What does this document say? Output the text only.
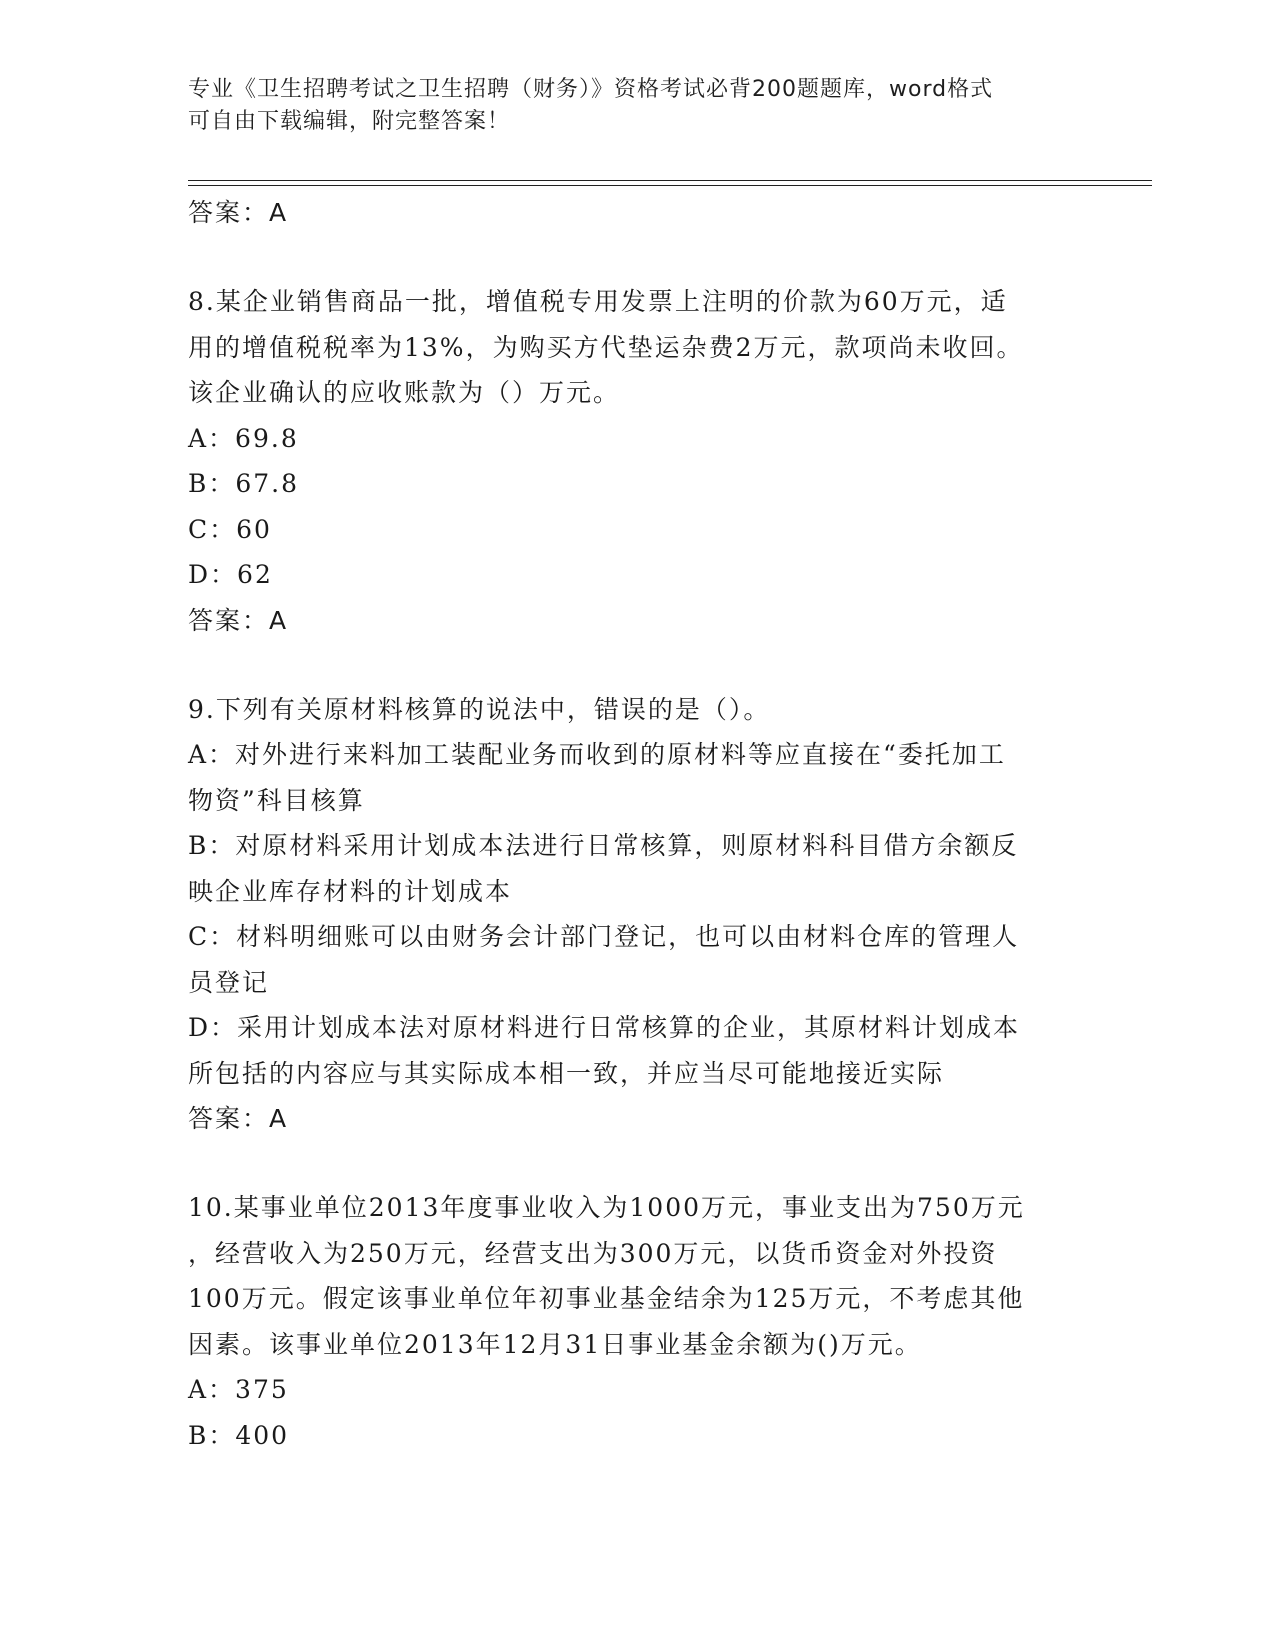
专业《卫生招聘考试之卫生招聘（财务）》资格考试必背200题题库，word格式
可自由下载编辑，附完整答案！
答案：A
8.某企业销售商品一批，增值税专用发票上注明的价款为60万元，适
用的增值税税率为13%，为购买方代垫运杂费2万元，款项尚未收回。
该企业确认的应收账款为（）万元。
A：69.8
B：67.8
C：60
D：62
答案：A
9.下列有关原材料核算的说法中，错误的是（）。
A：对外进行来料加工装配业务而收到的原材料等应直接在“委托加工
物资”科目核算
B：对原材料采用计划成本法进行日常核算，则原材料科目借方余额反
映企业库存材料的计划成本
C：材料明细账可以由财务会计部门登记，也可以由材料仓库的管理人
员登记
D：采用计划成本法对原材料进行日常核算的企业，其原材料计划成本
所包括的内容应与其实际成本相一致，并应当尽可能地接近实际
答案：A
10.某事业单位2013年度事业收入为1000万元，事业支出为750万元
，经营收入为250万元，经营支出为300万元，以货币资金对外投资
100万元。假定该事业单位年初事业基金结余为125万元，不考虑其他
因素。该事业单位2013年12月31日事业基金余额为()万元。
A：375
B：400
